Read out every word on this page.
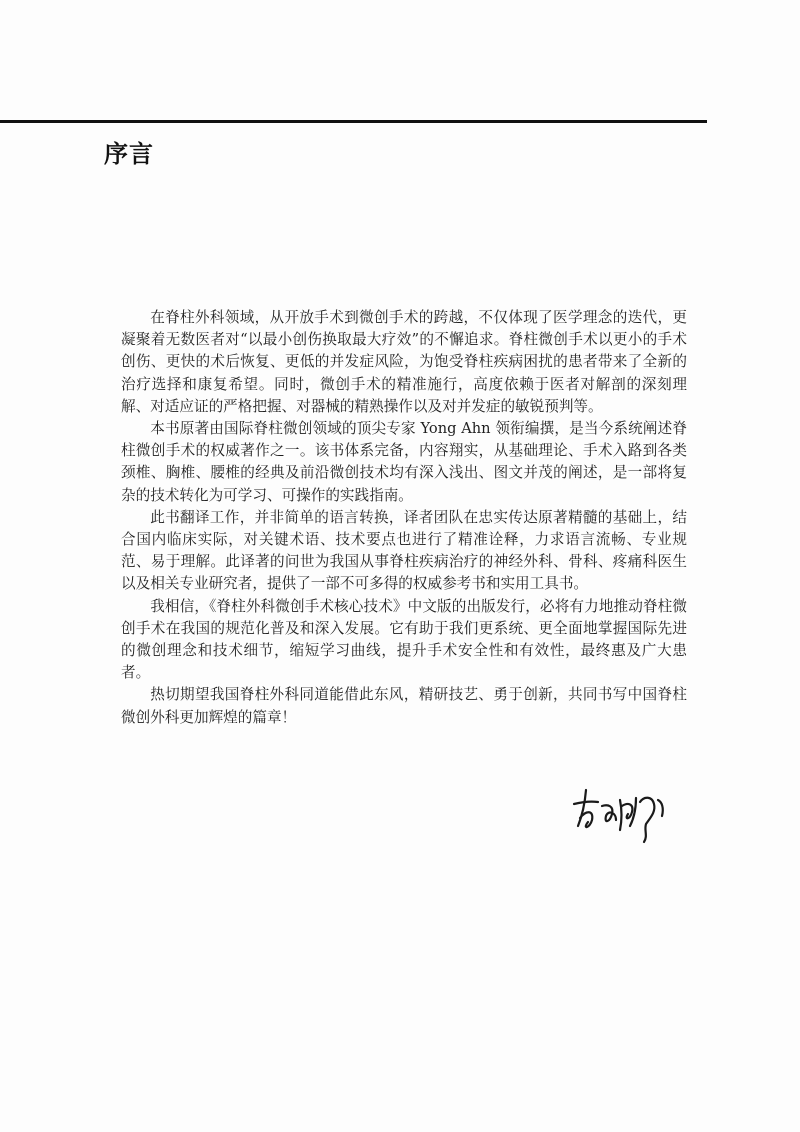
序言

在脊柱外科领域，从开放手术到微创手术的跨越，不仅体现了医学理念的迭代，更凝聚着无数医者对“以最小创伤换取最大疗效”的不懈追求。脊柱微创手术以更小的手术创伤、更快的术后恢复、更低的并发症风险，为饱受脊柱疾病困扰的患者带来了全新的治疗选择和康复希望。同时，微创手术的精准施行，高度依赖于医者对解剖的深刻理解、对适应证的严格把握、对器械的精熟操作以及对并发症的敏锐预判等。

本书原著由国际脊柱微创领域的顶尖专家 Yong Ahn 领衔编撰，是当今系统阐述脊柱微创手术的权威著作之一。该书体系完备，内容翔实，从基础理论、手术入路到各类颈椎、胸椎、腰椎的经典及前沿微创技术均有深入浅出、图文并茂的阐述，是一部将复杂的技术转化为可学习、可操作的实践指南。

此书翻译工作，并非简单的语言转换，译者团队在忠实传达原著精髓的基础上，结合国内临床实际，对关键术语、技术要点也进行了精准诠释，力求语言流畅、专业规范、易于理解。此译著的问世为我国从事脊柱疾病治疗的神经外科、骨科、疼痛科医生以及相关专业研究者，提供了一部不可多得的权威参考书和实用工具书。

我相信，《脊柱外科微创手术核心技术》中文版的出版发行，必将有力地推动脊柱微创手术在我国的规范化普及和深入发展。它有助于我们更系统、更全面地掌握国际先进的微创理念和技术细节，缩短学习曲线，提升手术安全性和有效性，最终惠及广大患者。

热切期望我国脊柱外科同道能借此东风，精研技艺、勇于创新，共同书写中国脊柱微创外科更加辉煌的篇章！
